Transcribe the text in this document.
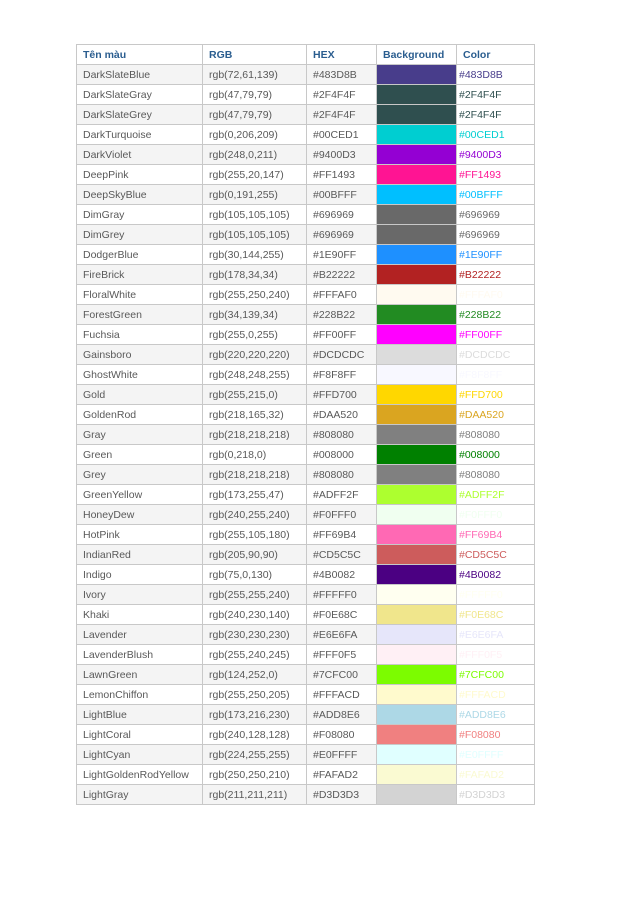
Tên màu	RGB	HEX	Background	Color
DarkSlateBlue	rgb(72,61,139)	#483D8B		#483D8B
DarkSlateGray	rgb(47,79,79)	#2F4F4F		#2F4F4F
DarkSlateGrey	rgb(47,79,79)	#2F4F4F		#2F4F4F
DarkTurquoise	rgb(0,206,209)	#00CED1		#00CED1
DarkViolet	rgb(248,0,211)	#9400D3		#9400D3
DeepPink	rgb(255,20,147)	#FF1493		#FF1493
DeepSkyBlue	rgb(0,191,255)	#00BFFF		#00BFFF
DimGray	rgb(105,105,105)	#696969		#696969
DimGrey	rgb(105,105,105)	#696969		#696969
DodgerBlue	rgb(30,144,255)	#1E90FF		#1E90FF
FireBrick	rgb(178,34,34)	#B22222		#B22222
FloralWhite	rgb(255,250,240)	#FFFAF0		#FFFAF0
ForestGreen	rgb(34,139,34)	#228B22		#228B22
Fuchsia	rgb(255,0,255)	#FF00FF		#FF00FF
Gainsboro	rgb(220,220,220)	#DCDCDC		#DCDCDC
GhostWhite	rgb(248,248,255)	#F8F8FF		#F8F8FF
Gold	rgb(255,215,0)	#FFD700		#FFD700
GoldenRod	rgb(218,165,32)	#DAA520		#DAA520
Gray	rgb(218,218,218)	#808080		#808080
Green	rgb(0,218,0)	#008000		#008000
Grey	rgb(218,218,218)	#808080		#808080
GreenYellow	rgb(173,255,47)	#ADFF2F		#ADFF2F
HoneyDew	rgb(240,255,240)	#F0FFF0		#F0FFF0
HotPink	rgb(255,105,180)	#FF69B4		#FF69B4
IndianRed	rgb(205,90,90)	#CD5C5C		#CD5C5C
Indigo	rgb(75,0,130)	#4B0082		#4B0082
Ivory	rgb(255,255,240)	#FFFFF0		#FFFFF0
Khaki	rgb(240,230,140)	#F0E68C		#F0E68C
Lavender	rgb(230,230,230)	#E6E6FA		#E6E6FA
LavenderBlush	rgb(255,240,245)	#FFF0F5		#FFF0F5
LawnGreen	rgb(124,252,0)	#7CFC00		#7CFC00
LemonChiffon	rgb(255,250,205)	#FFFACD		#FFFACD
LightBlue	rgb(173,216,230)	#ADD8E6		#ADD8E6
LightCoral	rgb(240,128,128)	#F08080		#F08080
LightCyan	rgb(224,255,255)	#E0FFFF		#E0FFFF
LightGoldenRodYellow	rgb(250,250,210)	#FAFAD2		#FAFAD2
LightGray	rgb(211,211,211)	#D3D3D3		#D3D3D3
